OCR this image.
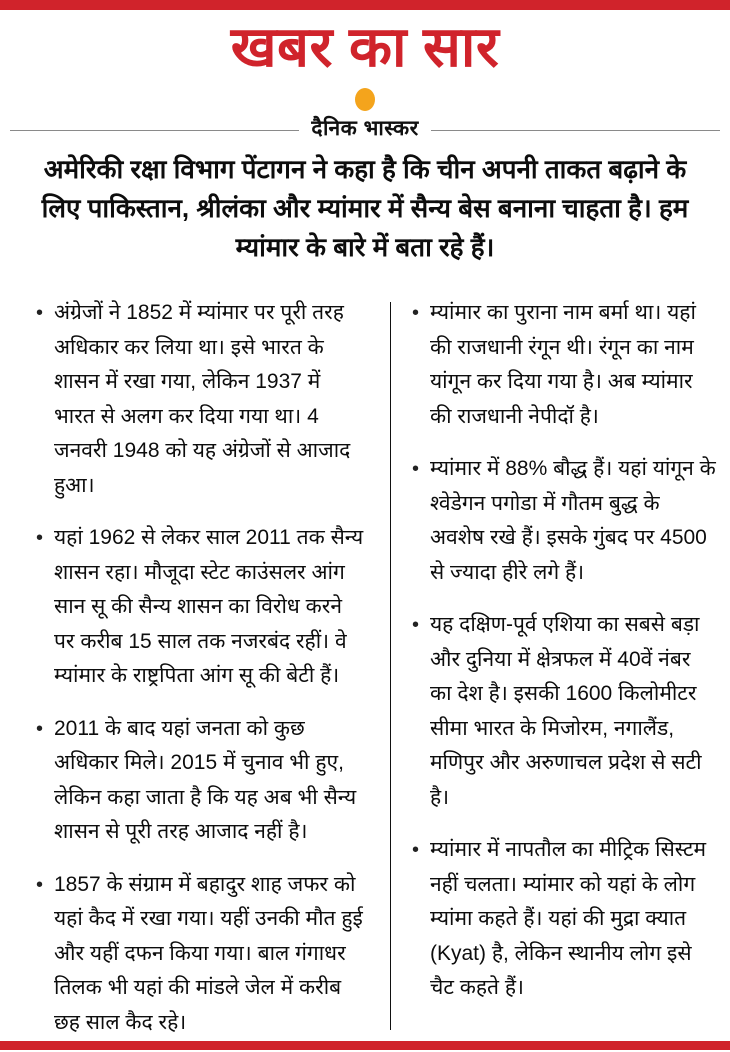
खबर का सार
दैनिक भास्कर
अमेरिकी रक्षा विभाग पेंटागन ने कहा है कि चीन अपनी ताकत बढ़ाने के लिए पाकिस्तान, श्रीलंका और म्यांमार में सैन्य बेस बनाना चाहता है। हम म्यांमार के बारे में बता रहे हैं।
• अंग्रेजों ने 1852 में म्यांमार पर पूरी तरह अधिकार कर लिया था। इसे भारत के शासन में रखा गया, लेकिन 1937 में भारत से अलग कर दिया गया था। 4 जनवरी 1948 को यह अंग्रेजों से आजाद हुआ।
• यहां 1962 से लेकर साल 2011 तक सैन्य शासन रहा। मौजूदा स्टेट काउंसलर आंग सान सू की सैन्य शासन का विरोध करने पर करीब 15 साल तक नजरबंद रहीं। वे म्यांमार के राष्ट्रपिता आंग सू की बेटी हैं।
• 2011 के बाद यहां जनता को कुछ अधिकार मिले। 2015 में चुनाव भी हुए, लेकिन कहा जाता है कि यह अब भी सैन्य शासन से पूरी तरह आजाद नहीं है।
• 1857 के संग्राम में बहादुर शाह जफर को यहां कैद में रखा गया। यहीं उनकी मौत हुई और यहीं दफन किया गया। बाल गंगाधर तिलक भी यहां की मांडले जेल में करीब छह साल कैद रहे।
• म्यांमार का पुराना नाम बर्मा था। यहां की राजधानी रंगून थी। रंगून का नाम यांगून कर दिया गया है। अब म्यांमार की राजधानी नेपीदॉ है।
• म्यांमार में 88% बौद्ध हैं। यहां यांगून के श्वेडेगन पगोडा में गौतम बुद्ध के अवशेष रखे हैं। इसके गुंबद पर 4500 से ज्यादा हीरे लगे हैं।
• यह दक्षिण-पूर्व एशिया का सबसे बड़ा और दुनिया में क्षेत्रफल में 40वें नंबर का देश है। इसकी 1600 किलोमीटर सीमा भारत के मिजोरम, नगालैंड, मणिपुर और अरुणाचल प्रदेश से सटी है।
• म्यांमार में नापतौल का मीट्रिक सिस्टम नहीं चलता। म्यांमार को यहां के लोग म्यांमा कहते हैं। यहां की मुद्रा क्यात (Kyat) है, लेकिन स्थानीय लोग इसे चैट कहते हैं।
